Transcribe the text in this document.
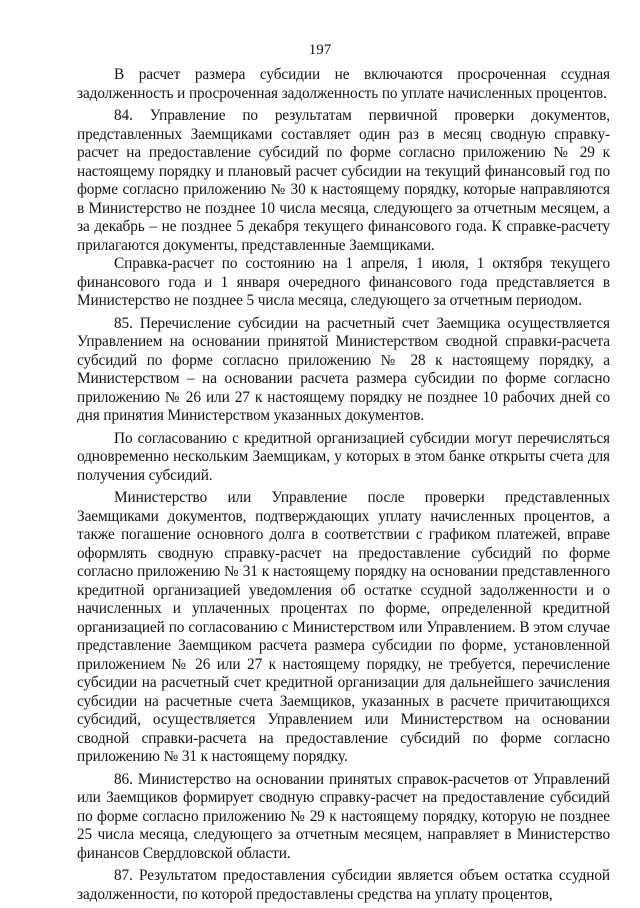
197

В расчет размера субсидии не включаются просроченная ссудная задолженность и просроченная задолженность по уплате начисленных процентов.

84. Управление по результатам первичной проверки документов, представленных Заемщиками составляет один раз в месяц сводную справку-расчет на предоставление субсидий по форме согласно приложению № 29 к настоящему порядку и плановый расчет субсидии на текущий финансовый год по форме согласно приложению № 30 к настоящему порядку, которые направляются в Министерство не позднее 10 числа месяца, следующего за отчетным месяцем, а за декабрь – не позднее 5 декабря текущего финансового года. К справке-расчету прилагаются документы, представленные Заемщиками.

Справка-расчет по состоянию на 1 апреля, 1 июля, 1 октября текущего финансового года и 1 января очередного финансового года представляется в Министерство не позднее 5 числа месяца, следующего за отчетным периодом.

85. Перечисление субсидии на расчетный счет Заемщика осуществляется Управлением на основании принятой Министерством сводной справки-расчета субсидий по форме согласно приложению № 28 к настоящему порядку, а Министерством – на основании расчета размера субсидии по форме согласно приложению № 26 или 27 к настоящему порядку не позднее 10 рабочих дней со дня принятия Министерством указанных документов.

По согласованию с кредитной организацией субсидии могут перечисляться одновременно нескольким Заемщикам, у которых в этом банке открыты счета для получения субсидий.

Министерство или Управление после проверки представленных Заемщиками документов, подтверждающих уплату начисленных процентов, а также погашение основного долга в соответствии с графиком платежей, вправе оформлять сводную справку-расчет на предоставление субсидий по форме согласно приложению № 31 к настоящему порядку на основании представленного кредитной организацией уведомления об остатке ссудной задолженности и о начисленных и уплаченных процентах по форме, определенной кредитной организацией по согласованию с Министерством или Управлением. В этом случае представление Заемщиком расчета размера субсидии по форме, установленной приложением № 26 или 27 к настоящему порядку, не требуется, перечисление субсидии на расчетный счет кредитной организации для дальнейшего зачисления субсидии на расчетные счета Заемщиков, указанных в расчете причитающихся субсидий, осуществляется Управлением или Министерством на основании сводной справки-расчета на предоставление субсидий по форме согласно приложению № 31 к настоящему порядку.

86. Министерство на основании принятых справок-расчетов от Управлений или Заемщиков формирует сводную справку-расчет на предоставление субсидий по форме согласно приложению № 29 к настоящему порядку, которую не позднее 25 числа месяца, следующего за отчетным месяцем, направляет в Министерство финансов Свердловской области.

87. Результатом предоставления субсидии является объем остатка ссудной задолженности, по которой предоставлены средства на уплату процентов,
